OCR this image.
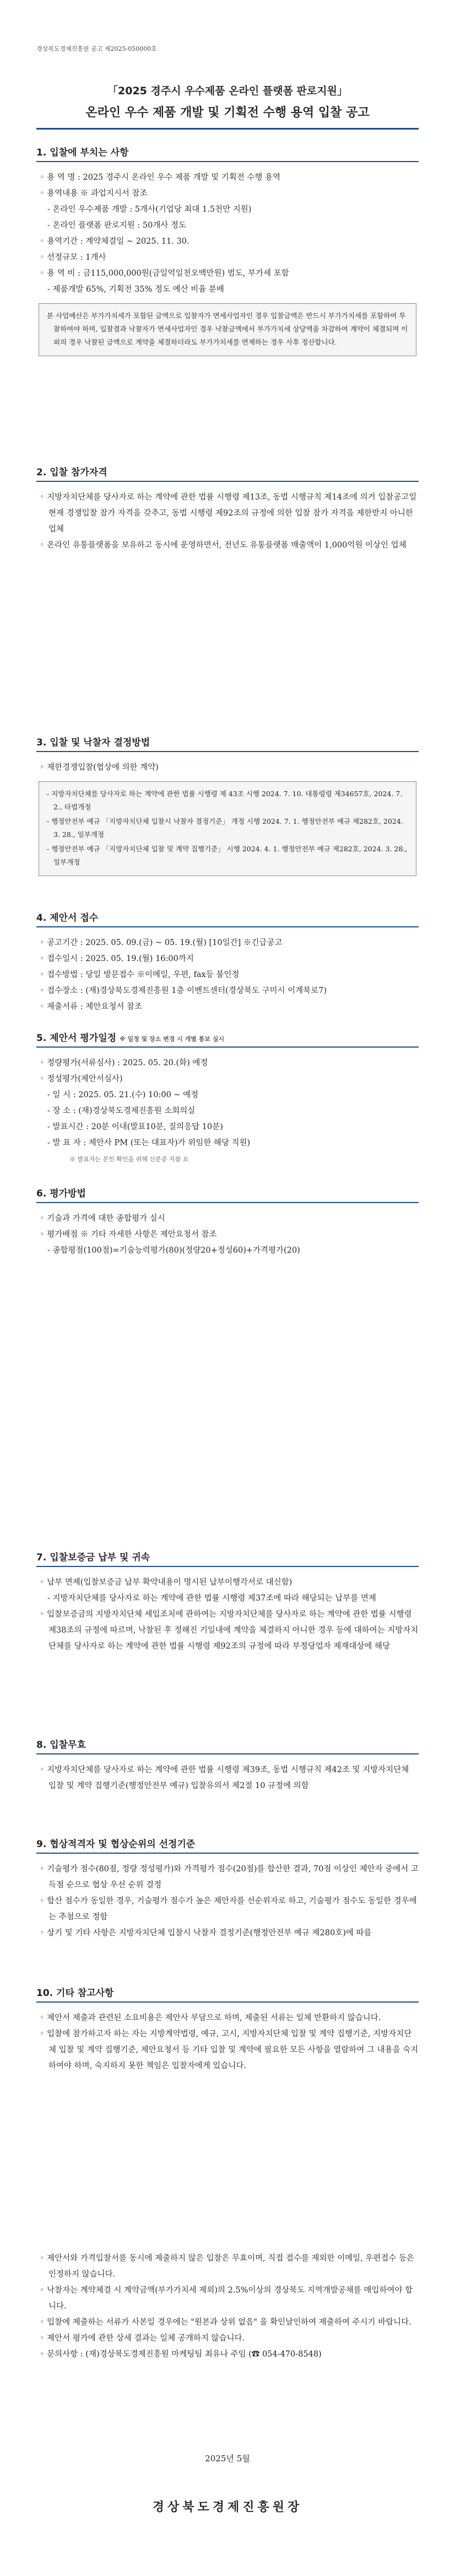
경상북도경제진흥원 공고 제2025-050000호
「2025 경주시 우수제품 온라인 플랫폼 판로지원」
온라인 우수 제품 개발 및 기획전 수행 용역 입찰 공고
1. 입찰에 부치는 사항
◦ 용 역 명 : 2025 경주시 온라인 우수 제품 개발 및 기획전 수행 용역
◦ 용역내용 ※ 과업지시서 참조
- 온라인 우수제품 개발 : 5개사(기업당 최대 1.5천만 지원)
- 온라인 플랫폼 판로지원 : 50개사 정도
◦ 용역기간 : 계약체결일 ~ 2025. 11. 30.
◦ 선정규모 : 1개사
◦ 용 역 비 : 금115,000,000원(금일억일천오백만원) 범도, 부가세 포함
- 제품개발 65%, 기획전 35% 정도 예산 비율 분배

본 사업예산은 부가가치세가 포함된 금액으로 입찰자가 면세사업자인 경우 입찰금액은 반드시 부가가치세를 포함하여 투찰하여야 하며, 입찰결과 낙찰자가 면세사업자인 경우 낙찰금액에서 부가가치세 상당액을 차감하여 계약이 체결되며 이외의 경우 낙찰된 금액으로 계약을 체결하더라도 부가가치세를 면제하는 경우 사후 정산합니다.

2. 입찰 참가자격
◦ 지방자치단체를 당사자로 하는 계약에 관한 법률 시행령 제13조, 동법 시행규칙 제14조에 의거 입찰공고일 현재 경쟁입찰 참가 자격을 갖추고, 동법 시행령 제92조의 규정에 의한 입찰 참가 자격을 제한받지 아니한 업체
◦ 온라인 유통플랫폼을 보유하고 동시에 운영하면서, 전년도 유통플랫폼 매출액이 1,000억원 이상인 업체
3. 입찰 및 낙찰자 결정방법
◦ 제한경쟁입찰(협상에 의한 계약)

- 지방자치단체를 당사자로 하는 계약에 관한 법률 시행령 제 43조 시행 2024. 7. 10. 대통령령 제34657호, 2024. 7. 2., 타법개정

- 행정안전부 예규 「지방자치단체 입찰시 낙찰자 결정기준」 개정 시행 2024. 7. 1. 행정안전부 예규 제282호, 2024. 3. 28., 일부개정

- 행정안전부 예규 「지방자치단체 입찰 및 계약 집행기준」 시행 2024. 4. 1. 행정안전부 예규 제282호, 2024. 3. 28., 일부개정

4. 제안서 접수
◦ 공고기간 : 2025. 05. 09.(금) ~ 05. 19.(월) [10일간] ※긴급공고
◦ 접수일시 : 2025. 05. 19.(월) 16:00까지
◦ 접수방법 : 당일 방문접수 ※이메일, 우편, fax등 불인정
◦ 접수장소 : (재)경상북도경제진흥원 1층 이벤트센터(경상북도 구미시 이계북로7)
◦ 제출서류 : 제안요청서 참조
5. 제안서 평가일정 ※ 일정 및 장소 변경 시 개별 통보 실시
◦ 정량평가(서류심사) : 2025. 05. 20.(화) 예정
◦ 정성평가(제안서심사)
- 일 시 : 2025. 05. 21.(수) 10:00 ~ 예정
- 장 소 : (재)경상북도경제진흥원 소회의실
- 발표시간 : 20분 이내(발표10분, 질의응답 10분)
- 발 표 자 : 제안사 PM (또는 대표자)가 위임한 해당 직원)
※ 발표자는 본인 확인을 위해 신분증 지참 요
6. 평가방법
◦ 기술과 가격에 대한 종합평가 실시
◦ 평가배점 ※ 기타 자세한 사항은 제안요청서 참조
- 종합평점(100점)=기술능력평가(80)(정량20+정성60)+가격평가(20)
7. 입찰보증금 납부 및 귀속
◦ 납부 면제(입찰보증금 납부 확약내용이 명시된 납부이행각서로 대신함)
- 지방자치단체를 당사자로 하는 계약에 관한 법률 시행령 제37조에 따라 해당되는 납부를 면제
◦ 입찰보증금의 지방자치단체 세입조치에 관하여는 지방자치단체를 당사자로 하는 계약에 관한 법률 시행령 제38조의 규정에 따르며, 낙찰된 후 정해진 기일내에 계약을 체결하지 아니한 경우 등에 대하여는 지방자치단체를 당사자로 하는 계약에 관한 법률 시행령 제92조의 규정에 따라 부정당업자 제재대상에 해당
8. 입찰무효
◦ 지방자치단체를 당사자로 하는 계약에 관한 법률 시행령 제39조, 동법 시행규칙 제42조 및 지방자치단체 입찰 및 계약 집행기준(행정안전부 예규) 입찰유의서 제2절 10 규정에 의함
9. 협상적격자 및 협상순위의 선정기준
◦ 기술평가 점수(80점, 정량 정성평가)와 가격평가 점수(20점)를 합산한 결과, 70점 이상인 제안자 중에서 고득점 순으로 협상 우선 순위 결정
◦ 합산 점수가 동일한 경우, 기술평가 점수가 높은 제안자를 선순위자로 하고, 기술평가 점수도 동일한 경우에는 추첨으로 정함
◦ 상기 및 기타 사항은 지방자치단체 입찰시 낙찰자 결정기준(행정안전부 예규 제280호)에 따름
10. 기타 참고사항
◦ 제안서 제출과 관련된 소요비용은 제안사 부담으로 하며, 제출된 서류는 일체 반환하지 않습니다.
◦ 입찰에 참가하고자 하는 자는 지방계약법령, 예규, 고시, 지방자치단체 입찰 및 계약 집행기준, 지방자치단체 입찰 및 계약 집행기준, 제안요청서 등 기타 입찰 및 계약에 필요한 모든 사항을 열람하여 그 내용을 숙지하여야 하며, 숙지하지 못한 책임은 입찰자에게 있습니다.
◦ 제안서와 가격입찰서를 동시에 제출하지 않은 입찰은 무효이며, 직접 접수를 제외한 이메일, 우편접수 등은 인정하지 않습니다.
◦ 낙찰자는 계약체결 시 계약금액(부가가치세 제외)의 2.5%이상의 경상북도 지역개발공채를 매입하여야 합니다.
◦ 입찰에 제출하는 서류가 사본일 경우에는 "원본과 상위 없음" 을 확인날인하여 제출하여 주시기 바랍니다.
◦ 제안서 평가에 관한 상세 결과는 일체 공개하지 않습니다.
◦ 문의사항 : (재)경상북도경제진흥원 마케팅팀 최유나 주임 (☎ 054-470-8548)
2025년 5월
경상북도경제진흥원장
